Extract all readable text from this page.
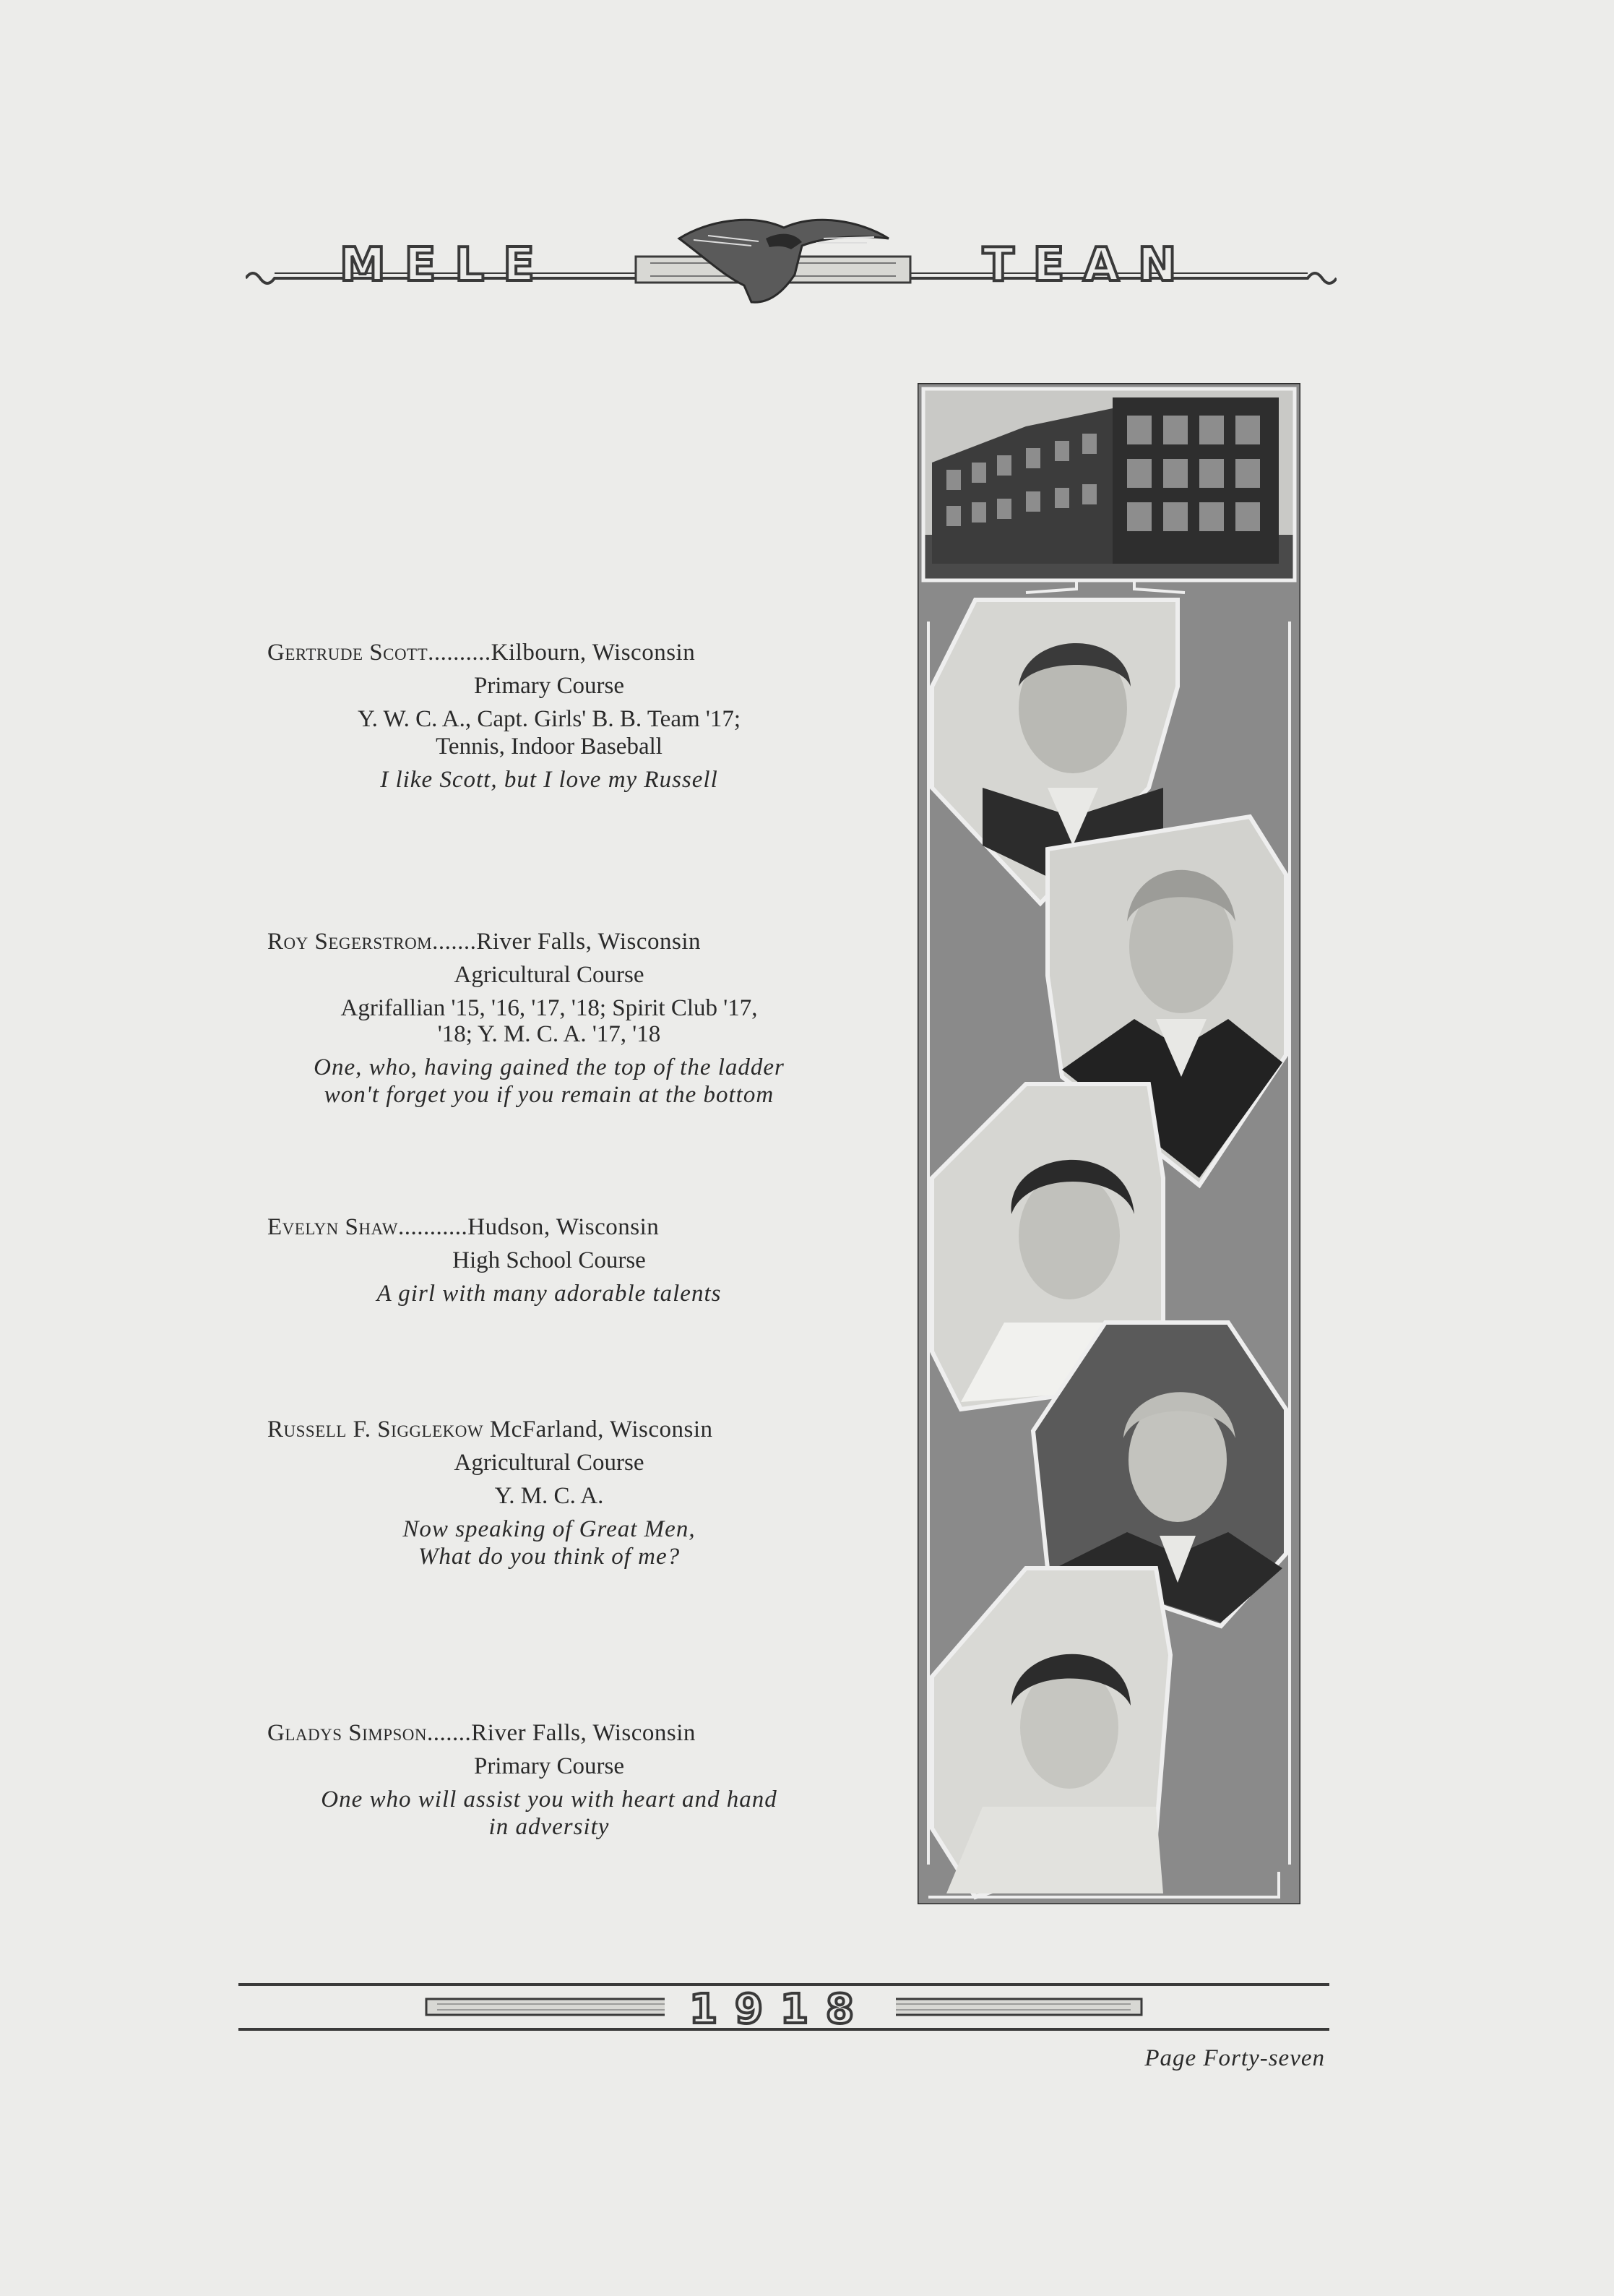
MELE	TEAN
Gertrude Scott..........Kilbourn, Wisconsin
Primary Course
Y. W. C. A., Capt. Girls' B. B. Team '17;
Tennis, Indoor Baseball
I like Scott, but I love my Russell
Roy Segerstrom.......River Falls, Wisconsin
Agricultural Course
Agrifallian '15, '16, '17, '18; Spirit Club '17,
'18; Y. M. C. A. '17, '18
One, who, having gained the top of the ladder
won't forget you if you remain at the bottom
Evelyn Shaw...........Hudson, Wisconsin
High School Course
A girl with many adorable talents
Russell F. Sigglekow McFarland, Wisconsin
Agricultural Course
Y. M. C. A.
Now speaking of Great Men,
What do you think of me?
Gladys Simpson.......River Falls, Wisconsin
Primary Course
One who will assist you with heart and hand
in adversity
1918
Page Forty-seven
